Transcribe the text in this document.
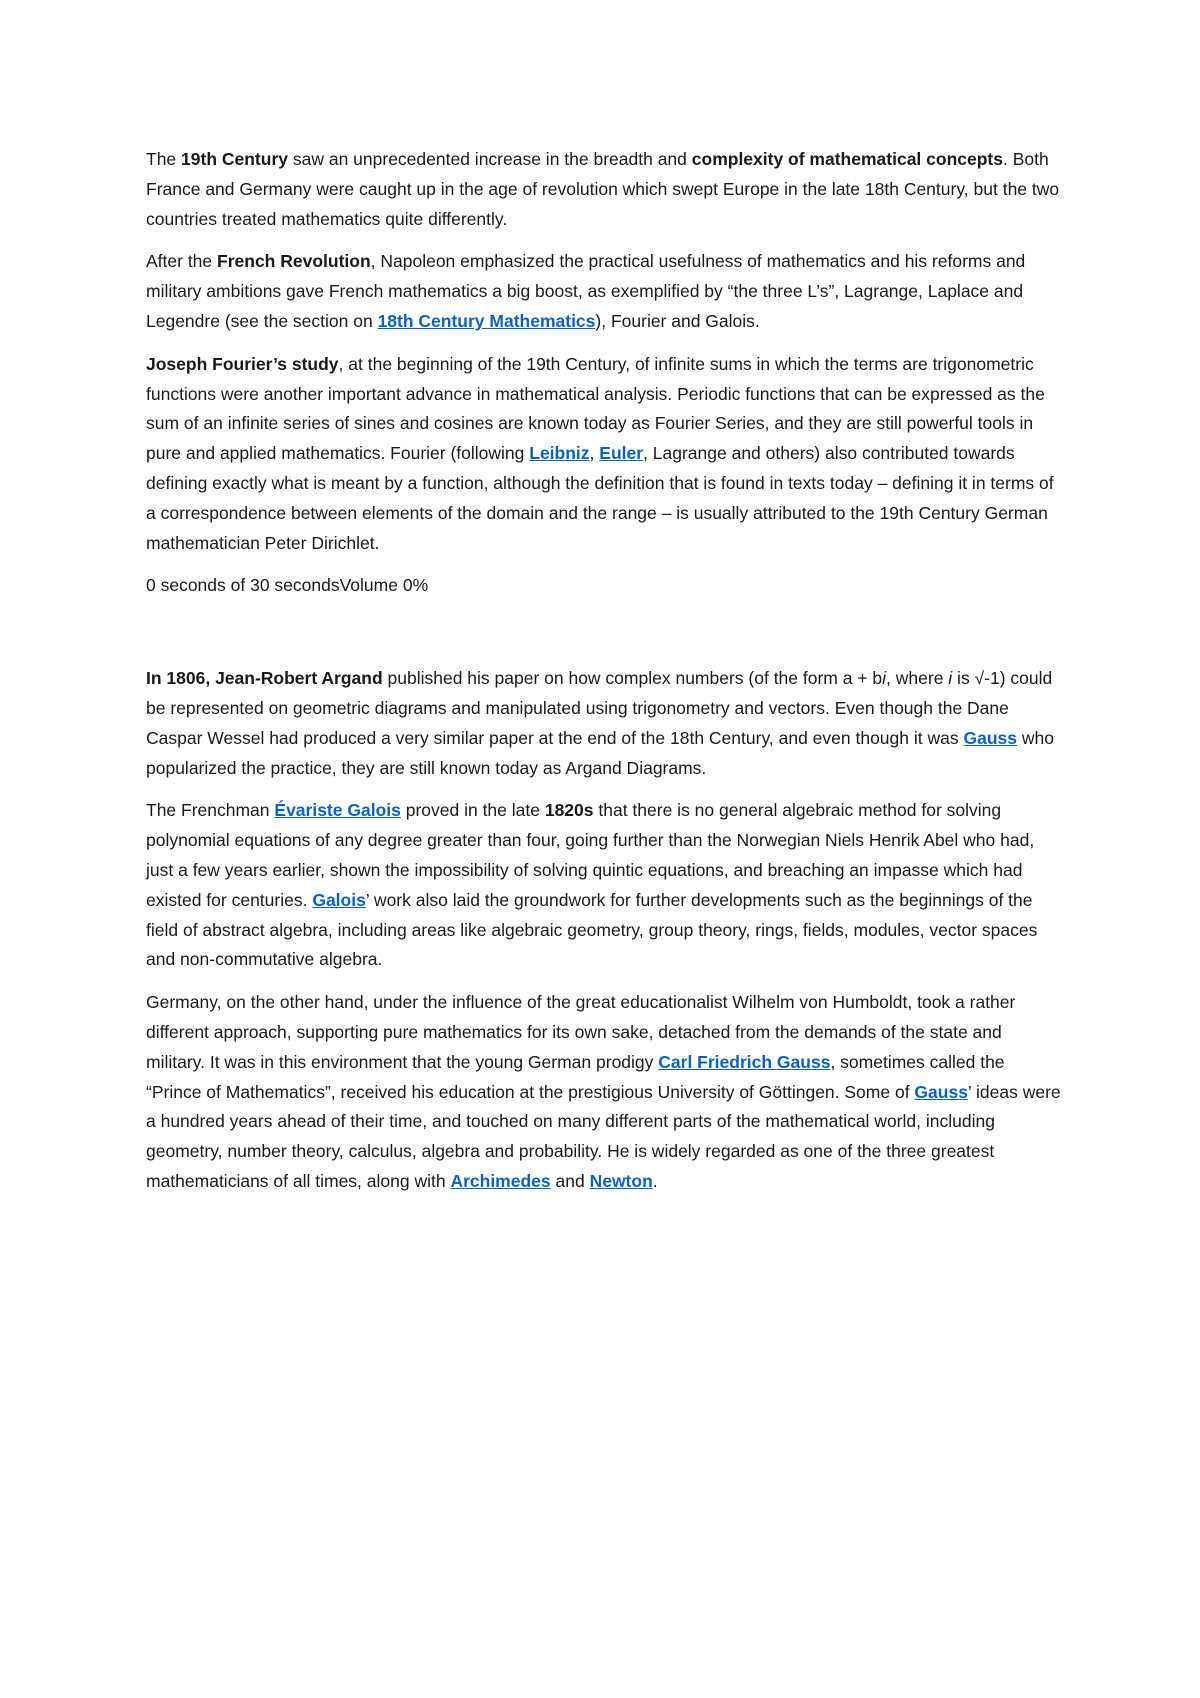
The 19th Century saw an unprecedented increase in the breadth and complexity of mathematical concepts. Both France and Germany were caught up in the age of revolution which swept Europe in the late 18th Century, but the two countries treated mathematics quite differently.

After the French Revolution, Napoleon emphasized the practical usefulness of mathematics and his reforms and military ambitions gave French mathematics a big boost, as exemplified by “the three L’s”, Lagrange, Laplace and Legendre (see the section on 18th Century Mathematics), Fourier and Galois.

Joseph Fourier’s study, at the beginning of the 19th Century, of infinite sums in which the terms are trigonometric functions were another important advance in mathematical analysis. Periodic functions that can be expressed as the sum of an infinite series of sines and cosines are known today as Fourier Series, and they are still powerful tools in pure and applied mathematics. Fourier (following Leibniz, Euler, Lagrange and others) also contributed towards defining exactly what is meant by a function, although the definition that is found in texts today – defining it in terms of a correspondence between elements of the domain and the range – is usually attributed to the 19th Century German mathematician Peter Dirichlet.

0 seconds of 30 secondsVolume 0%

In 1806, Jean-Robert Argand published his paper on how complex numbers (of the form a + bi, where i is √-1) could be represented on geometric diagrams and manipulated using trigonometry and vectors. Even though the Dane Caspar Wessel had produced a very similar paper at the end of the 18th Century, and even though it was Gauss who popularized the practice, they are still known today as Argand Diagrams.

The Frenchman Évariste Galois proved in the late 1820s that there is no general algebraic method for solving polynomial equations of any degree greater than four, going further than the Norwegian Niels Henrik Abel who had, just a few years earlier, shown the impossibility of solving quintic equations, and breaching an impasse which had existed for centuries. Galois’ work also laid the groundwork for further developments such as the beginnings of the field of abstract algebra, including areas like algebraic geometry, group theory, rings, fields, modules, vector spaces and non-commutative algebra.

Germany, on the other hand, under the influence of the great educationalist Wilhelm von Humboldt, took a rather different approach, supporting pure mathematics for its own sake, detached from the demands of the state and military. It was in this environment that the young German prodigy Carl Friedrich Gauss, sometimes called the “Prince of Mathematics”, received his education at the prestigious University of Göttingen. Some of Gauss’ ideas were a hundred years ahead of their time, and touched on many different parts of the mathematical world, including geometry, number theory, calculus, algebra and probability. He is widely regarded as one of the three greatest mathematicians of all times, along with Archimedes and Newton.
